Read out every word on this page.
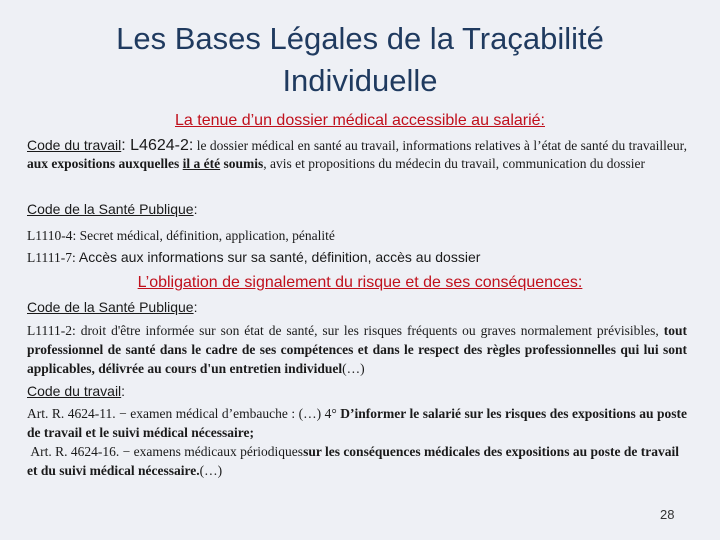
Les Bases Légales de la Traçabilité
Individuelle
La tenue d’un dossier médical accessible au salarié:
Code du travail: L4624-2: le dossier médical en santé au travail, informations relatives à l’état de santé du travailleur, aux expositions auxquelles il a été soumis, avis et propositions du médecin du travail, communication du dossier
Code de la Santé Publique:
L1110-4: Secret médical, définition, application, pénalité
L1111-7: Accès aux informations sur sa santé, définition, accès au dossier
L’obligation de signalement du risque et de ses conséquences:
Code de la Santé Publique:
L1111-2: droit d'être informée sur son état de santé, sur les risques fréquents ou graves normalement prévisibles, tout professionnel de santé dans le cadre de ses compétences et dans le respect des règles professionnelles qui lui sont applicables, délivrée au cours d'un entretien individuel(…)
Code du travail:
Art. R. 4624-11. − examen médical d’embauche : (…) 4° D’informer le salarié sur les risques des expositions au poste de travail et le suivi médical nécessaire;
Art. R. 4624-16. − examens médicaux périodiquessur les conséquences médicales des expositions au poste de travail et du suivi médical nécessaire.(…)
28
